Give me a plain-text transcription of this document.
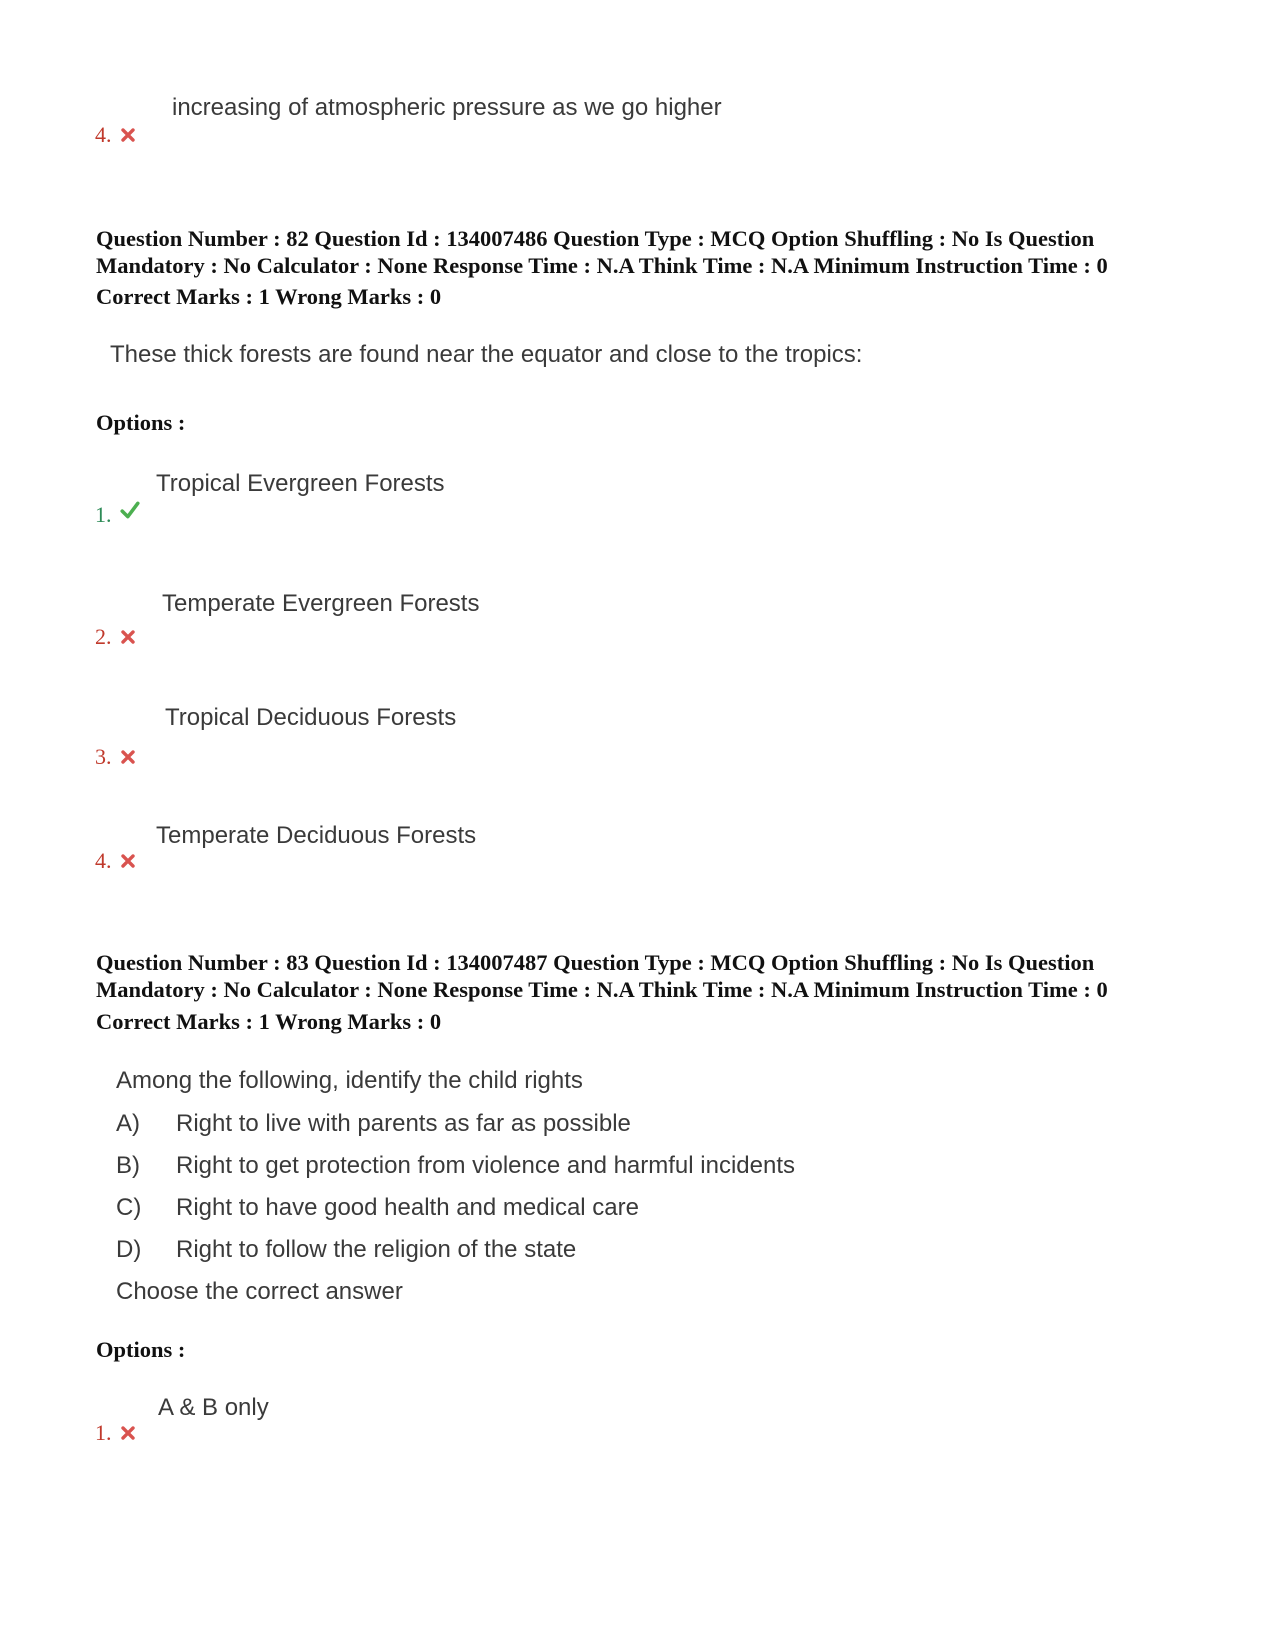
increasing of atmospheric pressure as we go higher
4.
Question Number : 82 Question Id : 134007486 Question Type : MCQ Option Shuffling : No Is Question
Mandatory : No Calculator : None Response Time : N.A Think Time : N.A Minimum Instruction Time : 0
Correct Marks : 1 Wrong Marks : 0
These thick forests are found near the equator and close to the tropics:
Options :
Tropical Evergreen Forests
1.
Temperate Evergreen Forests
2.
Tropical Deciduous Forests
3.
Temperate Deciduous Forests
4.
Question Number : 83 Question Id : 134007487 Question Type : MCQ Option Shuffling : No Is Question
Mandatory : No Calculator : None Response Time : N.A Think Time : N.A Minimum Instruction Time : 0
Correct Marks : 1 Wrong Marks : 0
Among the following, identify the child rights
A) Right to live with parents as far as possible
B) Right to get protection from violence and harmful incidents
C) Right to have good health and medical care
D) Right to follow the religion of the state
Choose the correct answer
Options :
A & B only
1.
